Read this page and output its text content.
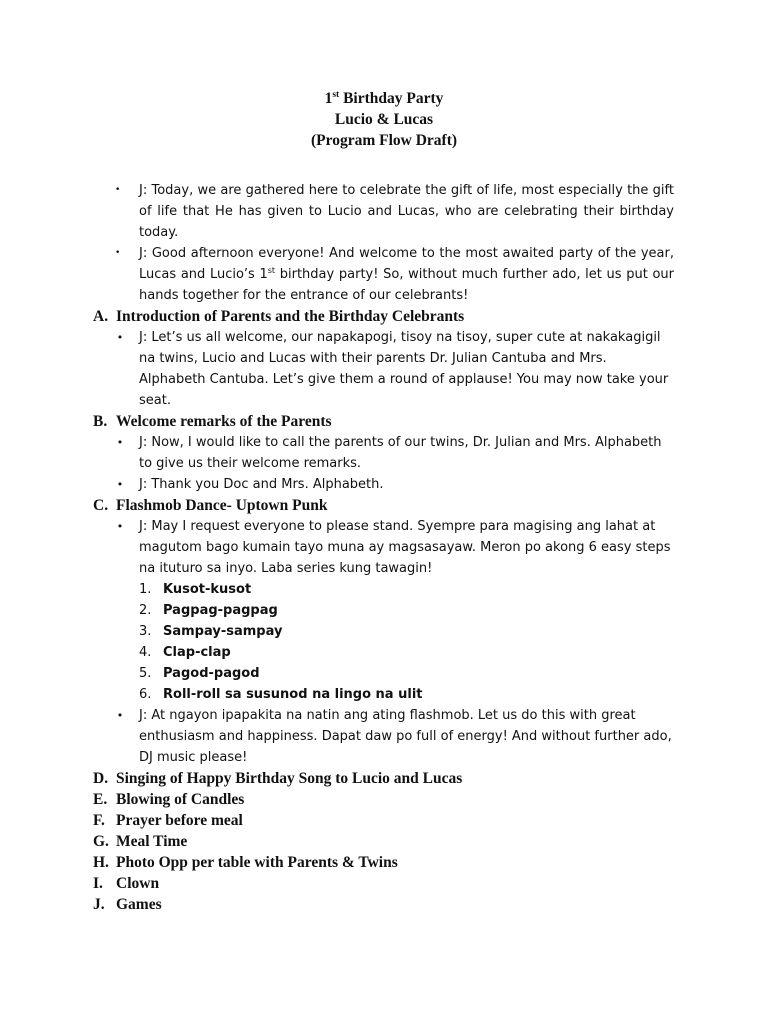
1st Birthday Party
Lucio & Lucas
(Program Flow Draft)
•	J: Today, we are gathered here to celebrate the gift of life, most especially the gift of life that He has given to Lucio and Lucas, who are celebrating their birthday today.
•	J: Good afternoon everyone! And welcome to the most awaited party of the year, Lucas and Lucio’s 1st birthday party! So, without much further ado, let us put our hands together for the entrance of our celebrants!
A. Introduction of Parents and the Birthday Celebrants
• J: Let’s us all welcome, our napakapogi, tisoy na tisoy, super cute at nakakagigil na twins, Lucio and Lucas with their parents Dr. Julian Cantuba and Mrs. Alphabeth Cantuba. Let’s give them a round of applause! You may now take your seat.
B. Welcome remarks of the Parents
• J: Now, I would like to call the parents of our twins, Dr. Julian and Mrs. Alphabeth to give us their welcome remarks.
• J: Thank you Doc and Mrs. Alphabeth.
C. Flashmob Dance- Uptown Punk
• J: May I request everyone to please stand. Syempre para magising ang lahat at magutom bago kumain tayo muna ay magsasayaw. Meron po akong 6 easy steps na ituturo sa inyo. Laba series kung tawagin!
1. Kusot-kusot
2. Pagpag-pagpag
3. Sampay-sampay
4. Clap-clap
5. Pagod-pagod
6. Roll-roll sa susunod na lingo na ulit
• J: At ngayon ipapakita na natin ang ating flashmob. Let us do this with great enthusiasm and happiness. Dapat daw po full of energy! And without further ado, DJ music please!
D. Singing of Happy Birthday Song to Lucio and Lucas
E. Blowing of Candles
F. Prayer before meal
G. Meal Time
H. Photo Opp per table with Parents & Twins
I. Clown
J. Games
